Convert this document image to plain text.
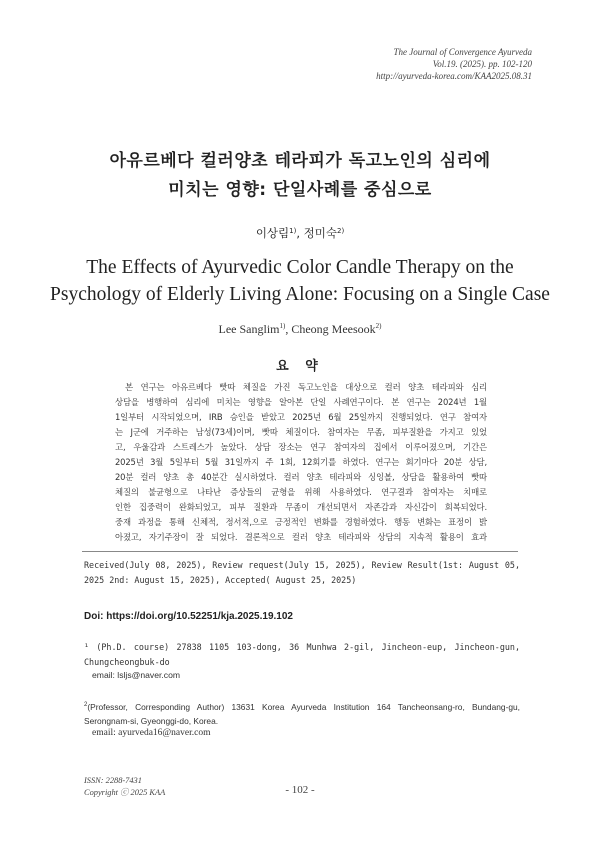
The Journal of Convergence Ayurveda
Vol.19. (2025). pp. 102-120
http://ayurveda-korea.com/KAA2025.08.31
아유르베다 컬러양초 테라피가 독고노인의 심리에
미치는 영향: 단일사례를 중심으로
이상림$^{1)}$, 정미숙$^{2)}$
The Effects of Ayurvedic Color Candle Therapy on the
Psychology of Elderly Living Alone: Focusing on a Single Case
Lee Sanglim$^{1)}$, Cheong Meesook$^{2)}$
요 약
본 연구는 아유르베다 빳따 체질을 가진 독고노인을 대상으로 컬러 양초 테라피와 심리
상담을 병행하여 심리에 미치는 영향을 알아본 단일 사례연구이다. 본 연구는 2024년 1월
1일부터 시작되었으며, IRB 승인을 받았고 2025년 6월 25일까지 진행되었다. 연구 참여자
는 J군에 거주하는 남성(73세)이며, 빳따 체질이다. 참여자는 무좀, 피부질환을 가지고 있었
고, 우울감과 스트레스가 높았다. 상담 장소는 연구 참여자의 집에서 이루어졌으며, 기간은
2025년 3월 5일부터 5월 31일까지 주 1회, 12회기를 하였다. 연구는 회기마다 20분 상담,
20분 컬러 양초 총 40분간 실시하였다. 컬러 양초 테라피와 싱잉볼, 상담을 활용하여 빳따
체질의 불균형으로 나타난 증상들의 균형을 위해 사용하였다. 연구결과 참여자는 치매로
인한 집중력이 완화되었고, 피부 질환과 무좀이 개선되면서 자존감과 자신감이 회복되었다.
중재 과정을 통해 신체적, 정서적,으로 긍정적인 변화를 경험하였다. 행동 변화는 표정이 밝
아졌고, 자기주장이 잘 되었다. 결론적으로 컬러 양초 테라피와 상담의 지속적 활용이 효과
Received(July 08, 2025), Review request(July 15, 2025), Review Result(1st: August 05, 2025 2nd: August 15, 2025), Accepted( August 25, 2025)
Doi: https://doi.org/10.52251/kja.2025.19.102
¹ (Ph.D. course) 27838 1105 103-dong, 36 Munhwa 2-gil, Jincheon-eup, Jincheon-gun, Chungcheongbuk-do
email: lsljs@naver.com
$^2$(Professor, Corresponding Author) 13631 Korea Ayurveda Institution 164 Tancheonsang-ro, Bundang-gu, Serongnam-si, Gyeonggi-do, Korea.
email: ayurveda16@naver.com
ISSN: 2288-7431
Copyright ⓒ 2025 KAA	- 102 -
